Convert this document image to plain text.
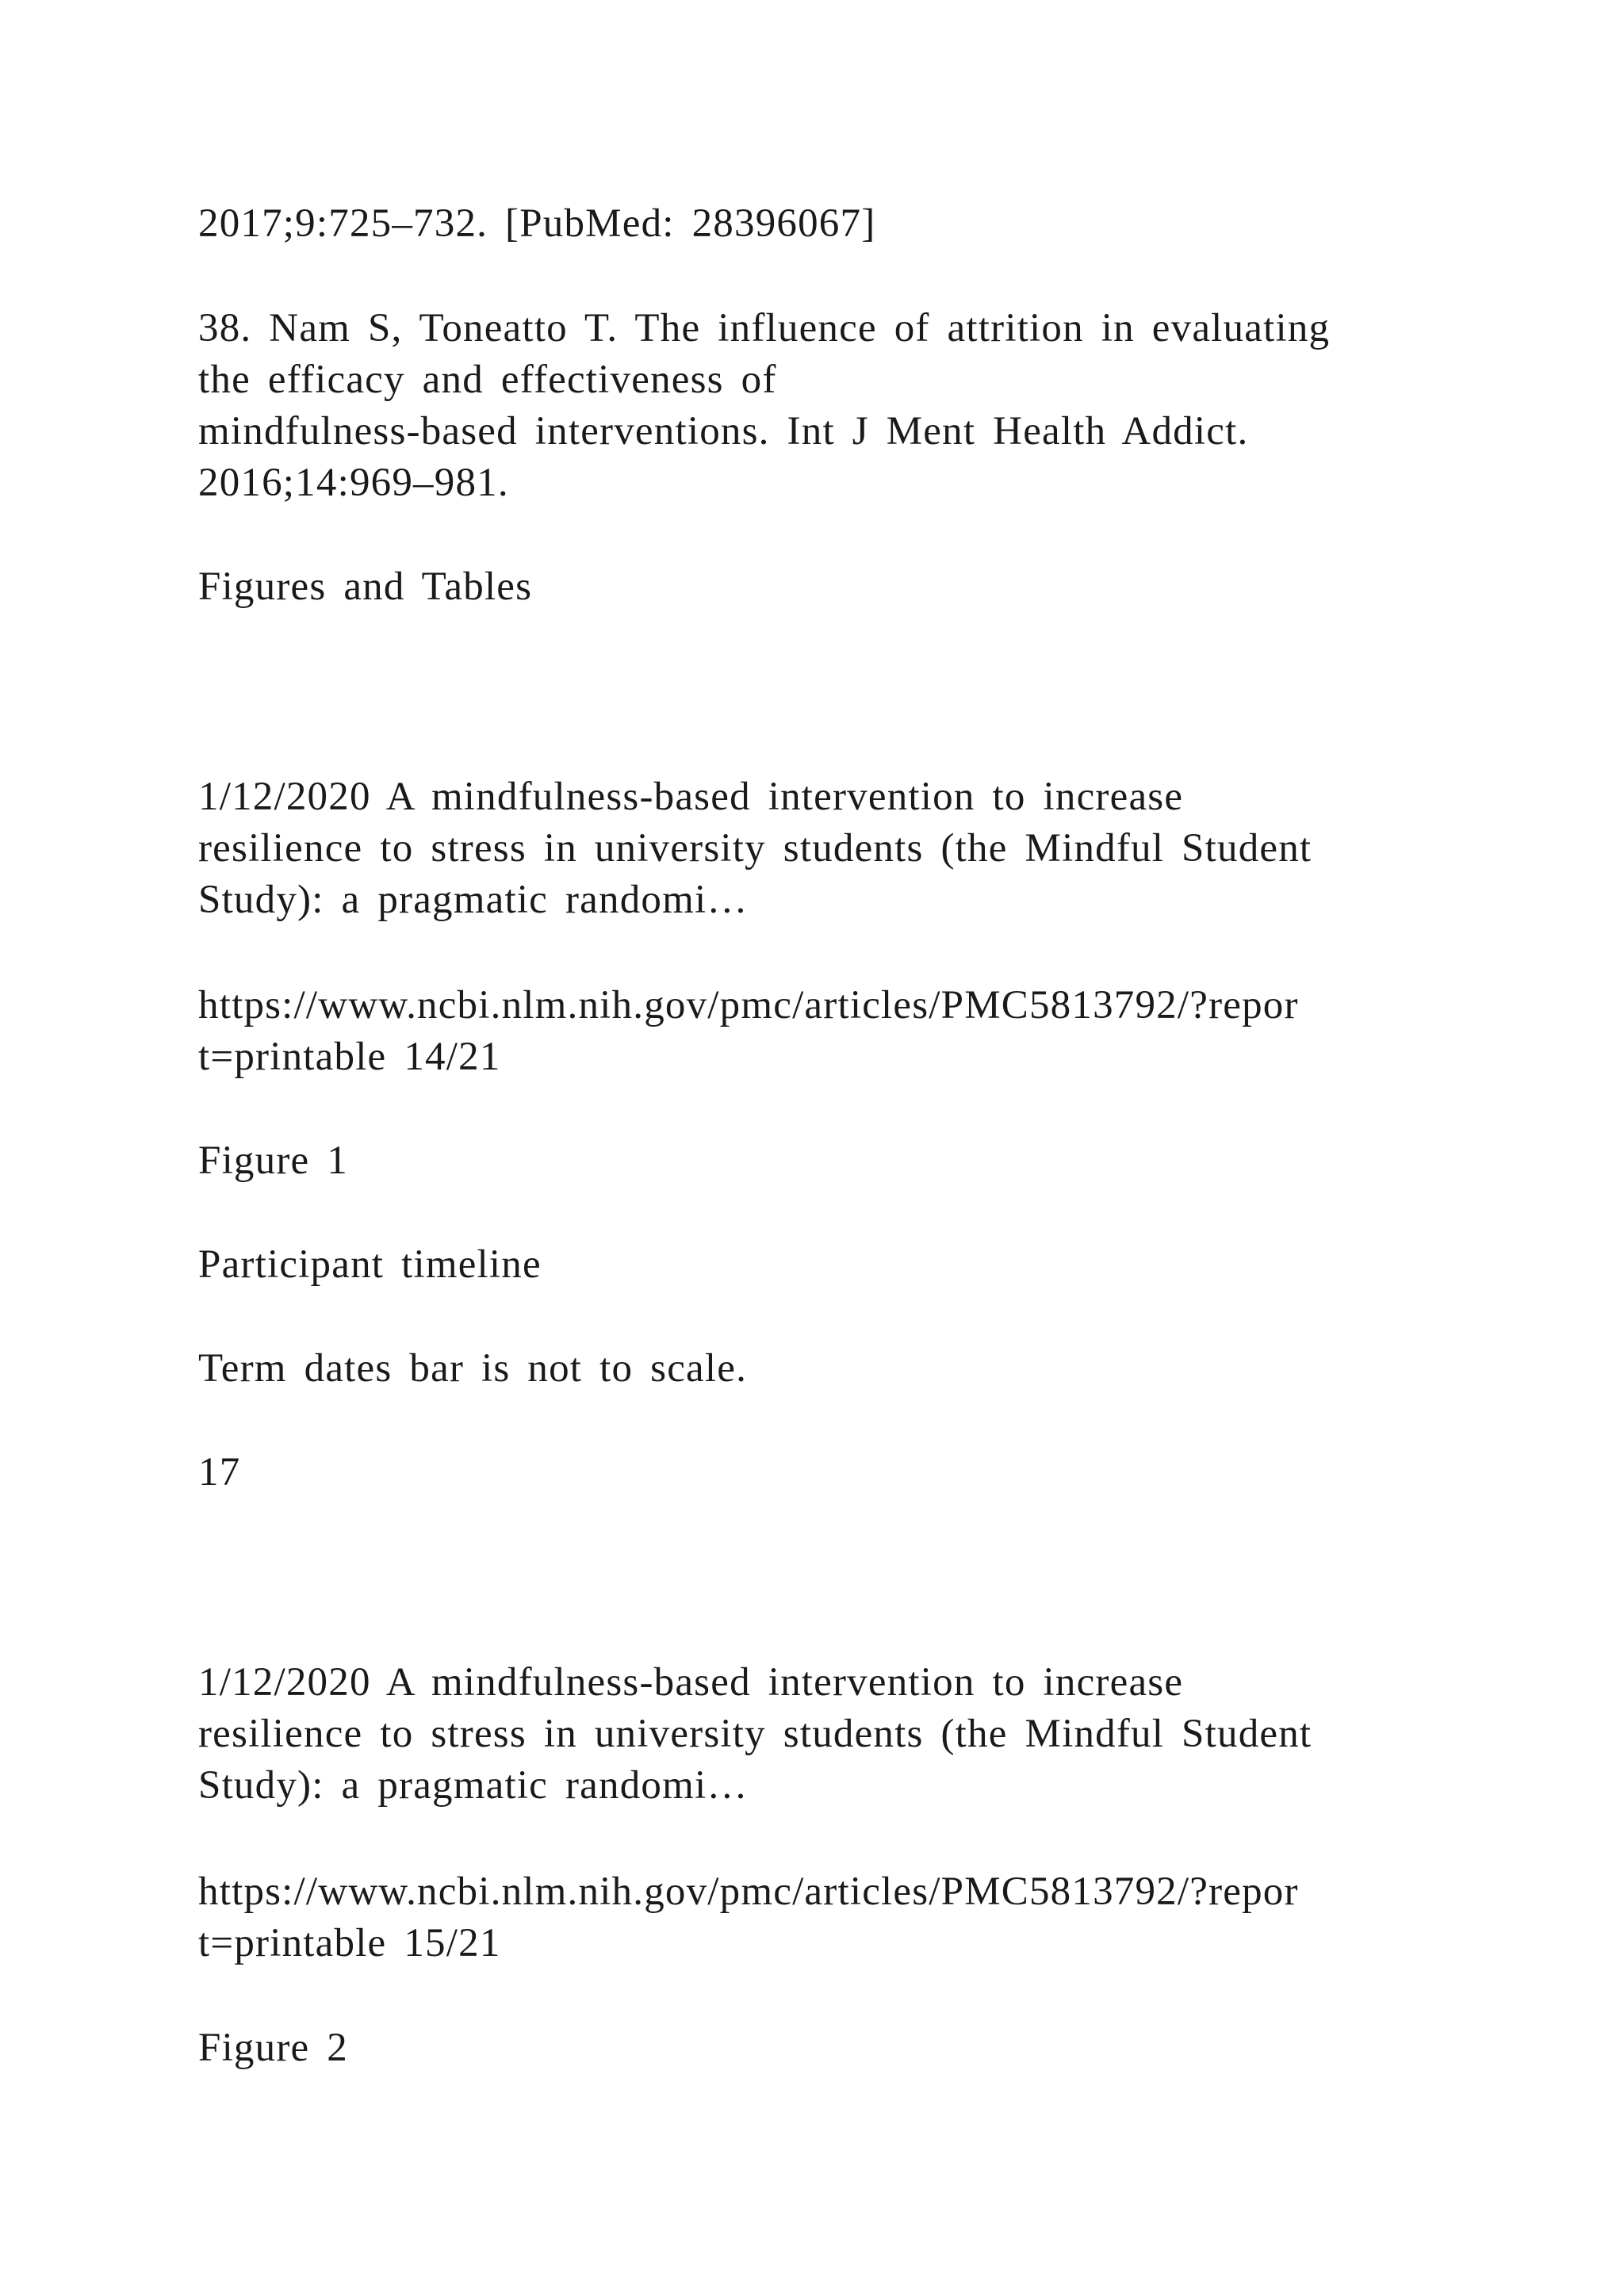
2017;9:725–732. [PubMed: 28396067]
38. Nam S, Toneatto T. The influence of attrition in evaluating
the efficacy and effectiveness of
mindfulness-based interventions. Int J Ment Health Addict.
2016;14:969–981.
Figures and Tables
1/12/2020 A mindfulness-based intervention to increase
resilience to stress in university students (the Mindful Student
Study): a pragmatic randomi…
https://www.ncbi.nlm.nih.gov/pmc/articles/PMC5813792/?repor
t=printable 14/21
Figure 1
Participant timeline
Term dates bar is not to scale.
17
1/12/2020 A mindfulness-based intervention to increase
resilience to stress in university students (the Mindful Student
Study): a pragmatic randomi…
https://www.ncbi.nlm.nih.gov/pmc/articles/PMC5813792/?repor
t=printable 15/21
Figure 2
